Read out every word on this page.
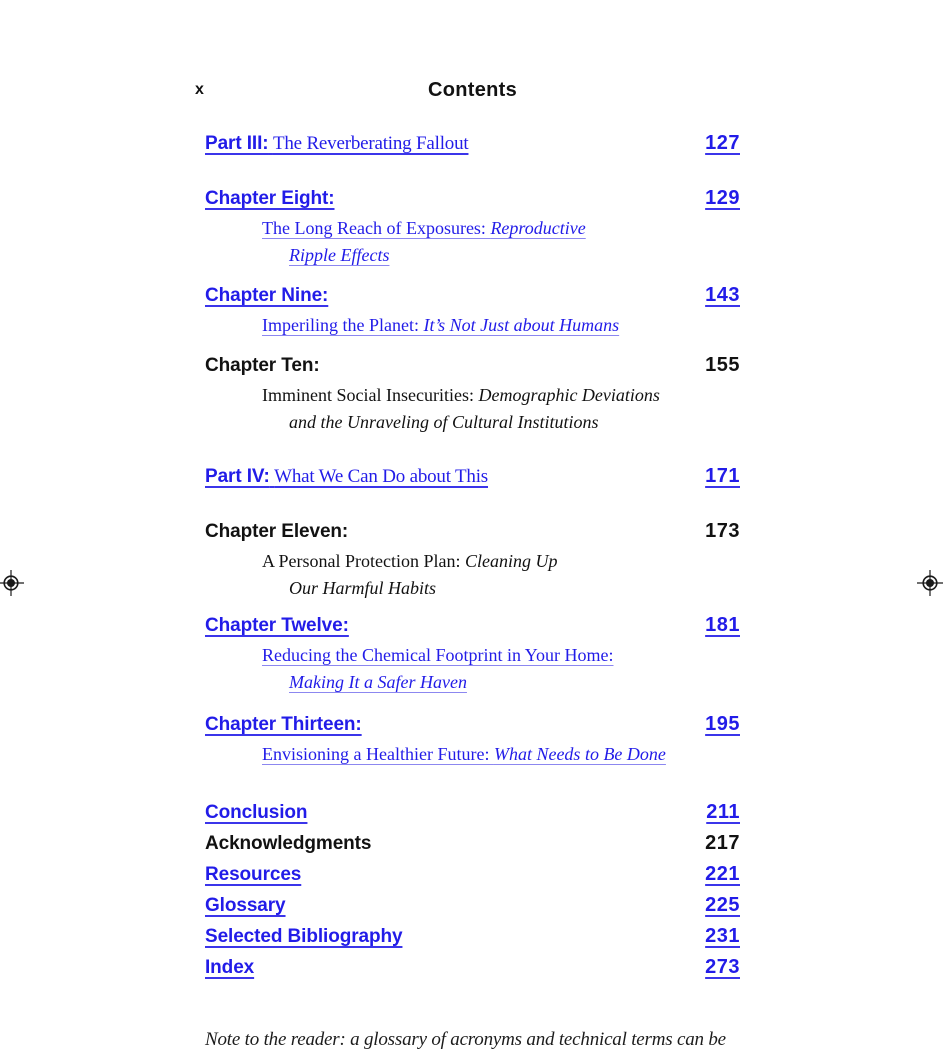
x	Contents
Part III: The Reverberating Fallout	127
Chapter Eight:	129
The Long Reach of Exposures: Reproductive
Ripple Effects
Chapter Nine:	143
Imperiling the Planet: It’s Not Just about Humans
Chapter Ten:	155
Imminent Social Insecurities: Demographic Deviations
and the Unraveling of Cultural Institutions
Part IV: What We Can Do about This	171
Chapter Eleven:	173
A Personal Protection Plan: Cleaning Up
Our Harmful Habits
Chapter Twelve:	181
Reducing the Chemical Footprint in Your Home:
Making It a Safer Haven
Chapter Thirteen:	195
Envisioning a Healthier Future: What Needs to Be Done
Conclusion	211
Acknowledgments	217
Resources	221
Glossary	225
Selected Bibliography	231
Index	273
Note to the reader: a glossary of acronyms and technical terms can be
